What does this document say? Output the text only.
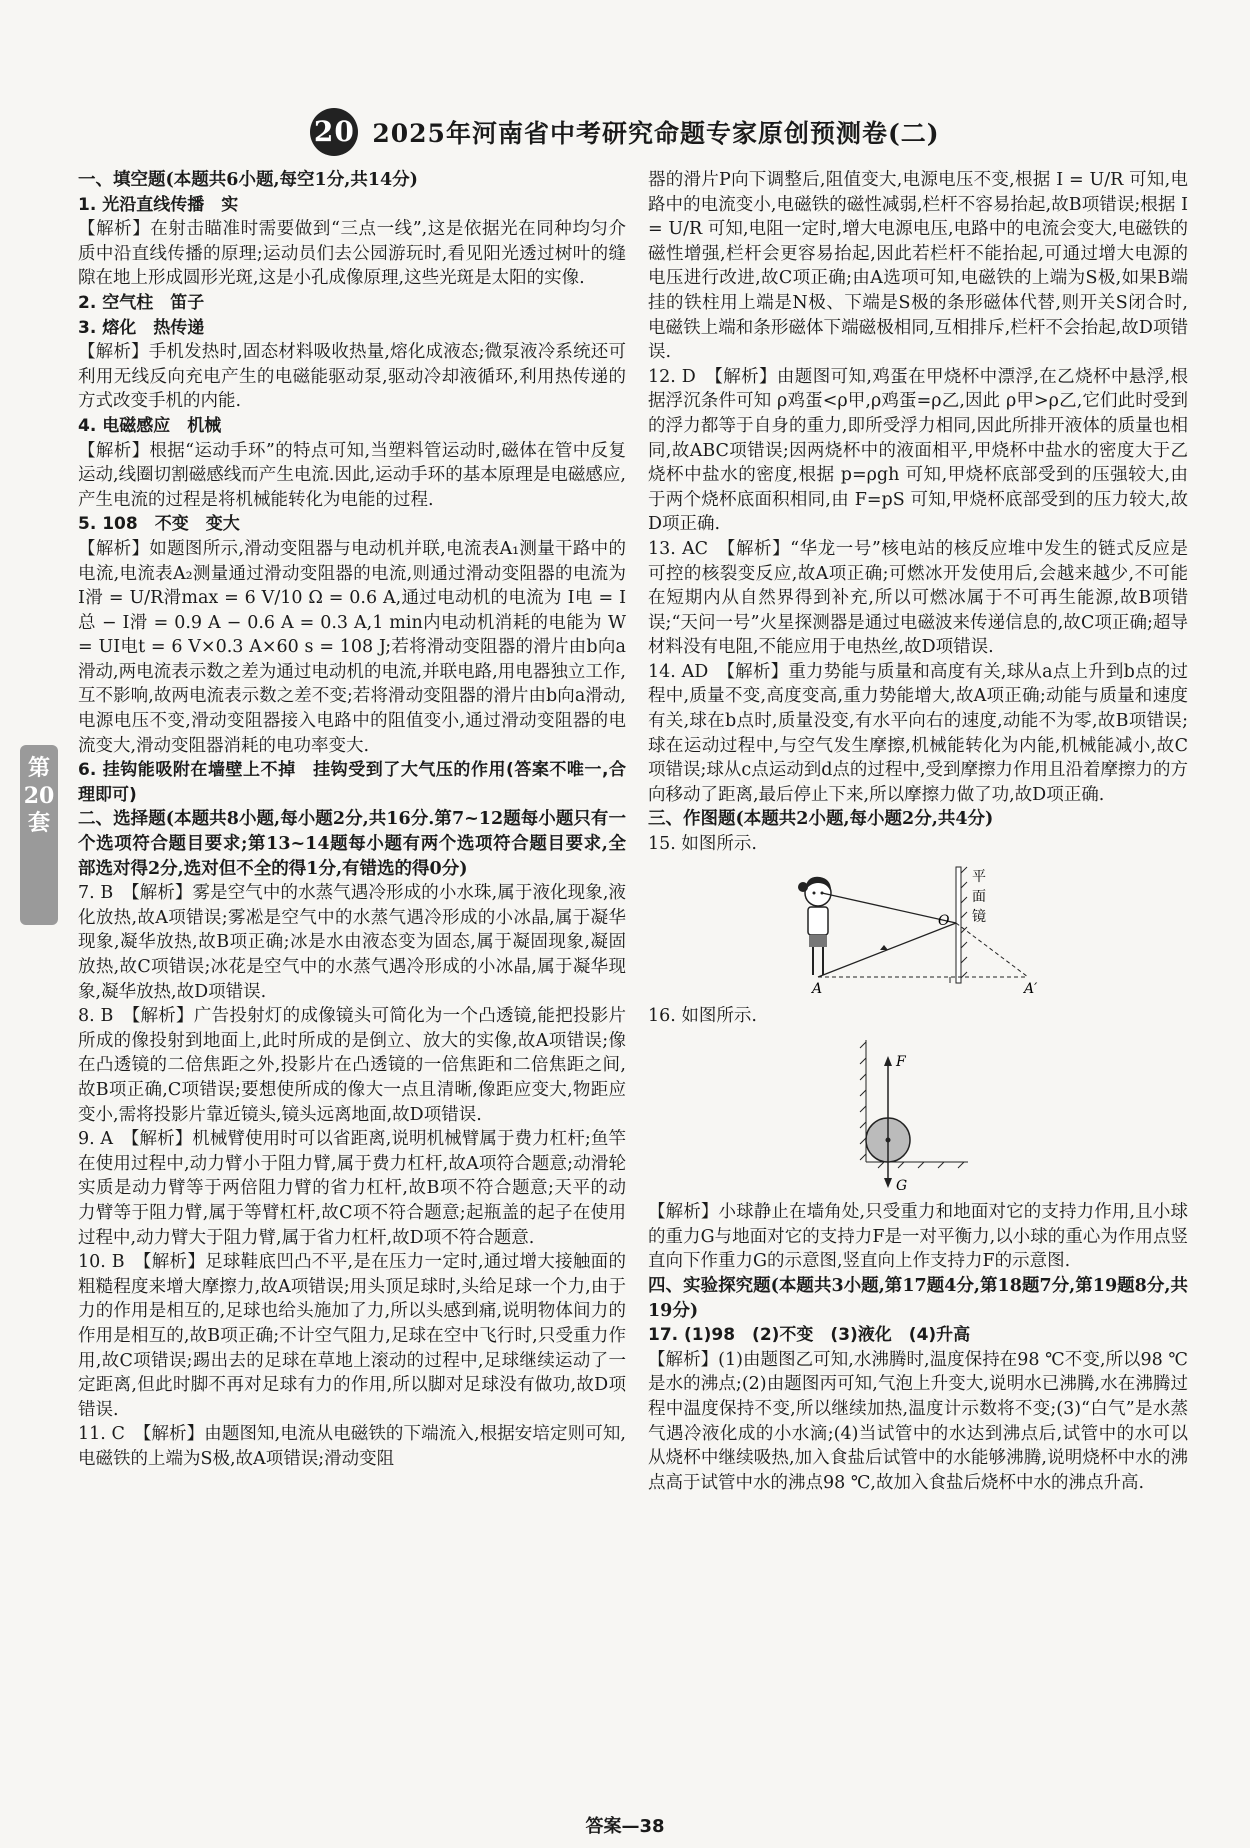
20 2025年河南省中考研究命题专家原创预测卷(二)
第20套

一、填空题(本题共6小题,每空1分,共14分)

1. 光沿直线传播　实

【解析】在射击瞄准时需要做到“三点一线”,这是依据光在同种均匀介质中沿直线传播的原理;运动员们去公园游玩时,看见阳光透过树叶的缝隙在地上形成圆形光斑,这是小孔成像原理,这些光斑是太阳的实像.

2. 空气柱　笛子

3. 熔化　热传递

【解析】手机发热时,固态材料吸收热量,熔化成液态;微泵液冷系统还可利用无线反向充电产生的电磁能驱动泵,驱动冷却液循环,利用热传递的方式改变手机的内能.

4. 电磁感应　机械

【解析】根据“运动手环”的特点可知,当塑料管运动时,磁体在管中反复运动,线圈切割磁感线而产生电流.因此,运动手环的基本原理是电磁感应,产生电流的过程是将机械能转化为电能的过程.

5. 108　不变　变大

【解析】如题图所示,滑动变阻器与电动机并联,电流表A₁测量干路中的电流,电流表A₂测量通过滑动变阻器的电流,则通过滑动变阻器的电流为 I滑 = U/R滑max = 6 V/10 Ω = 0.6 A,通过电动机的电流为 I电 = I总 − I滑 = 0.9 A − 0.6 A = 0.3 A,1 min内电动机消耗的电能为 W = UI电t = 6 V×0.3 A×60 s = 108 J;若将滑动变阻器的滑片由b向a滑动,两电流表示数之差为通过电动机的电流,并联电路,用电器独立工作,互不影响,故两电流表示数之差不变;若将滑动变阻器的滑片由b向a滑动,电源电压不变,滑动变阻器接入电路中的阻值变小,通过滑动变阻器的电流变大,滑动变阻器消耗的电功率变大.

6. 挂钩能吸附在墙壁上不掉　挂钩受到了大气压的作用(答案不唯一,合理即可)

二、选择题(本题共8小题,每小题2分,共16分.第7~12题每小题只有一个选项符合题目要求;第13~14题每小题有两个选项符合题目要求,全部选对得2分,选对但不全的得1分,有错选的得0分)

7. B　【解析】雾是空气中的水蒸气遇冷形成的小水珠,属于液化现象,液化放热,故A项错误;雾凇是空气中的水蒸气遇冷形成的小冰晶,属于凝华现象,凝华放热,故B项正确;冰是水由液态变为固态,属于凝固现象,凝固放热,故C项错误;冰花是空气中的水蒸气遇冷形成的小冰晶,属于凝华现象,凝华放热,故D项错误.

8. B　【解析】广告投射灯的成像镜头可简化为一个凸透镜,能把投影片所成的像投射到地面上,此时所成的是倒立、放大的实像,故A项错误;像在凸透镜的二倍焦距之外,投影片在凸透镜的一倍焦距和二倍焦距之间,故B项正确,C项错误;要想使所成的像大一点且清晰,像距应变大,物距应变小,需将投影片靠近镜头,镜头远离地面,故D项错误.

9. A　【解析】机械臂使用时可以省距离,说明机械臂属于费力杠杆;鱼竿在使用过程中,动力臂小于阻力臂,属于费力杠杆,故A项符合题意;动滑轮实质是动力臂等于两倍阻力臂的省力杠杆,故B项不符合题意;天平的动力臂等于阻力臂,属于等臂杠杆,故C项不符合题意;起瓶盖的起子在使用过程中,动力臂大于阻力臂,属于省力杠杆,故D项不符合题意.

10. B　【解析】足球鞋底凹凸不平,是在压力一定时,通过增大接触面的粗糙程度来增大摩擦力,故A项错误;用头顶足球时,头给足球一个力,由于力的作用是相互的,足球也给头施加了力,所以头感到痛,说明物体间力的作用是相互的,故B项正确;不计空气阻力,足球在空中飞行时,只受重力作用,故C项错误;踢出去的足球在草地上滚动的过程中,足球继续运动了一定距离,但此时脚不再对足球有力的作用,所以脚对足球没有做功,故D项错误.

11. C　【解析】由题图知,电流从电磁铁的下端流入,根据安培定则可知,电磁铁的上端为S极,故A项错误;滑动变阻

器的滑片P向下调整后,阻值变大,电源电压不变,根据 I = U/R 可知,电路中的电流变小,电磁铁的磁性减弱,栏杆不容易抬起,故B项错误;根据 I = U/R 可知,电阻一定时,增大电源电压,电路中的电流会变大,电磁铁的磁性增强,栏杆会更容易抬起,因此若栏杆不能抬起,可通过增大电源的电压进行改进,故C项正确;由A选项可知,电磁铁的上端为S极,如果B端挂的铁柱用上端是N极、下端是S极的条形磁体代替,则开关S闭合时,电磁铁上端和条形磁体下端磁极相同,互相排斥,栏杆不会抬起,故D项错误.

12. D　【解析】由题图可知,鸡蛋在甲烧杯中漂浮,在乙烧杯中悬浮,根据浮沉条件可知 ρ鸡蛋<ρ甲,ρ鸡蛋=ρ乙,因此 ρ甲>ρ乙,它们此时受到的浮力都等于自身的重力,即所受浮力相同,因此所排开液体的质量也相同,故ABC项错误;因两烧杯中的液面相平,甲烧杯中盐水的密度大于乙烧杯中盐水的密度,根据 p=ρgh 可知,甲烧杯底部受到的压强较大,由于两个烧杯底面积相同,由 F=pS 可知,甲烧杯底部受到的压力较大,故D项正确.

13. AC　【解析】“华龙一号”核电站的核反应堆中发生的链式反应是可控的核裂变反应,故A项正确;可燃冰开发使用后,会越来越少,不可能在短期内从自然界得到补充,所以可燃冰属于不可再生能源,故B项错误;“天问一号”火星探测器是通过电磁波来传递信息的,故C项正确;超导材料没有电阻,不能应用于电热丝,故D项错误.

14. AD　【解析】重力势能与质量和高度有关,球从a点上升到b点的过程中,质量不变,高度变高,重力势能增大,故A项正确;动能与质量和速度有关,球在b点时,质量没变,有水平向右的速度,动能不为零,故B项错误;球在运动过程中,与空气发生摩擦,机械能转化为内能,机械能减小,故C项错误;球从c点运动到d点的过程中,受到摩擦力作用且沿着摩擦力的方向移动了距离,最后停止下来,所以摩擦力做了功,故D项正确.

三、作图题(本题共2小题,每小题2分,共4分)

15. 如图所示.

平
面
镜
O
A	A′

16. 如图所示.

F
G

【解析】小球静止在墙角处,只受重力和地面对它的支持力作用,且小球的重力G与地面对它的支持力F是一对平衡力,以小球的重心为作用点竖直向下作重力G的示意图,竖直向上作支持力F的示意图.

四、实验探究题(本题共3小题,第17题4分,第18题7分,第19题8分,共19分)

17. (1)98　(2)不变　(3)液化　(4)升高

【解析】(1)由题图乙可知,水沸腾时,温度保持在98 ℃不变,所以98 ℃是水的沸点;(2)由题图丙可知,气泡上升变大,说明水已沸腾,水在沸腾过程中温度保持不变,所以继续加热,温度计示数将不变;(3)“白气”是水蒸气遇冷液化成的小水滴;(4)当试管中的水达到沸点后,试管中的水可以从烧杯中继续吸热,加入食盐后试管中的水能够沸腾,说明烧杯中水的沸点高于试管中水的沸点98 ℃,故加入食盐后烧杯中水的沸点升高.

答案—38
